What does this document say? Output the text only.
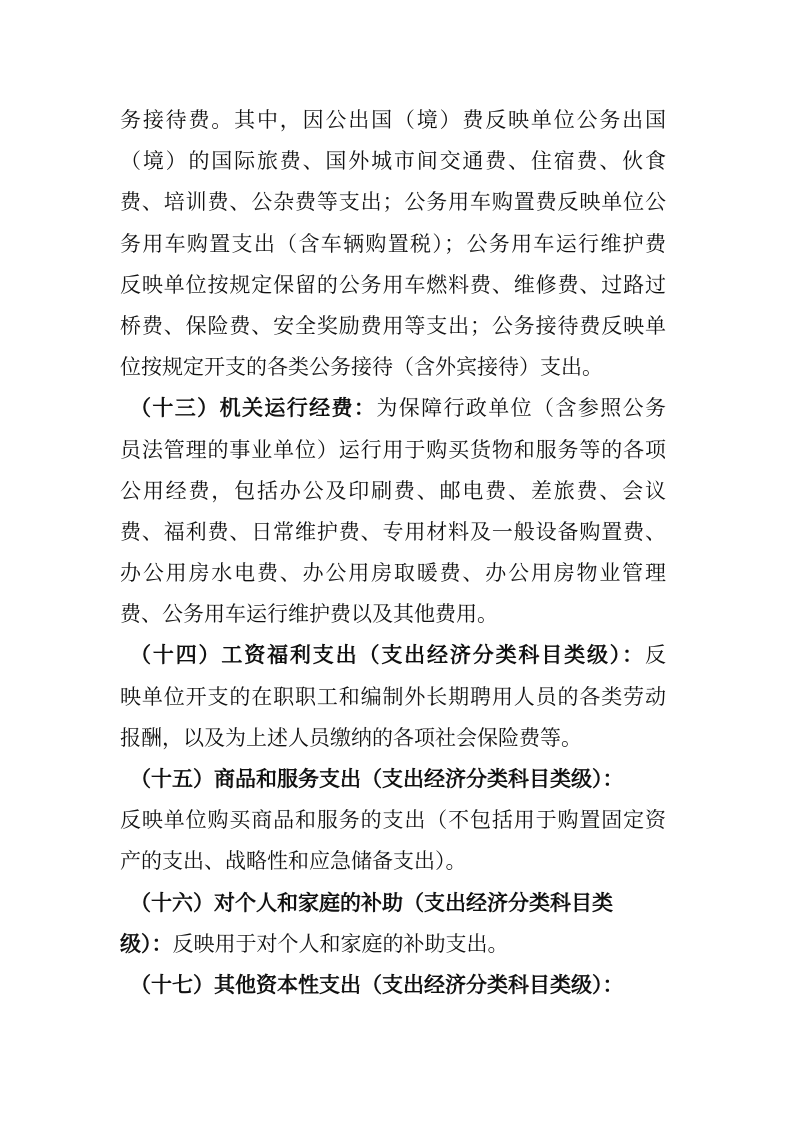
务接待费。其中，因公出国（境）费反映单位公务出国
（境）的国际旅费、国外城市间交通费、住宿费、伙食
费、培训费、公杂费等支出；公务用车购置费反映单位公
务用车购置支出（含车辆购置税）；公务用车运行维护费
反映单位按规定保留的公务用车燃料费、维修费、过路过
桥费、保险费、安全奖励费用等支出；公务接待费反映单
位按规定开支的各类公务接待（含外宾接待）支出。
（十三）机关运行经费：为保障行政单位（含参照公务
员法管理的事业单位）运行用于购买货物和服务等的各项
公用经费，包括办公及印刷费、邮电费、差旅费、会议
费、福利费、日常维护费、专用材料及一般设备购置费、
办公用房水电费、办公用房取暖费、办公用房物业管理
费、公务用车运行维护费以及其他费用。
（十四）工资福利支出（支出经济分类科目类级）：反
映单位开支的在职职工和编制外长期聘用人员的各类劳动
报酬，以及为上述人员缴纳的各项社会保险费等。
（十五）商品和服务支出（支出经济分类科目类级）：
反映单位购买商品和服务的支出（不包括用于购置固定资
产的支出、战略性和应急储备支出）。
（十六）对个人和家庭的补助（支出经济分类科目类
级）：反映用于对个人和家庭的补助支出。
（十七）其他资本性支出（支出经济分类科目类级）：
